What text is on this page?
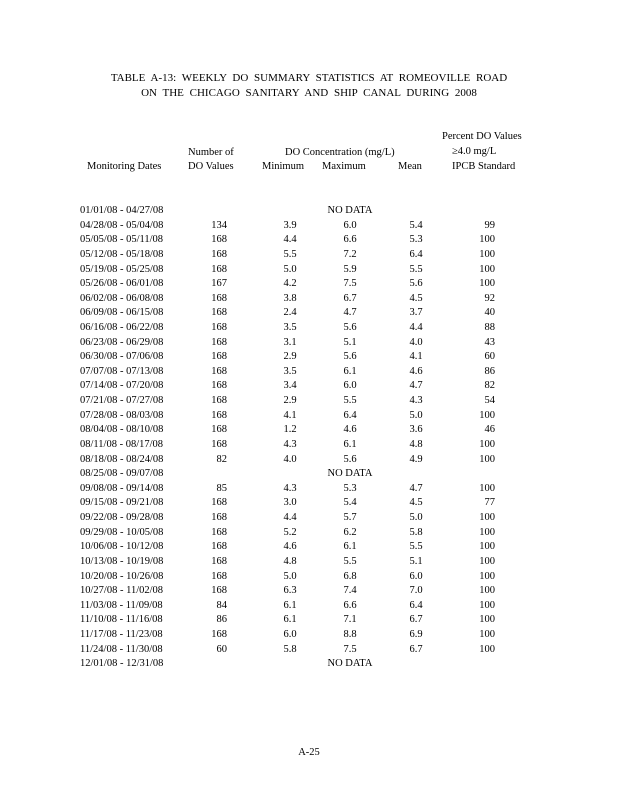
TABLE A-13: WEEKLY DO SUMMARY STATISTICS AT ROMEOVILLE ROAD
ON THE CHICAGO SANITARY AND SHIP CANAL DURING 2008
Percent DO Values
≥4.0 mg/L
Number of	DO Concentration (mg/L)
Monitoring Dates	DO Values	Minimum Maximum	Mean	IPCB Standard
01/01/08 - 04/27/08	NO DATA
04/28/08 - 05/04/08	134	3.9	6.0	5.4	99
05/05/08 - 05/11/08	168	4.4	6.6	5.3	100
05/12/08 - 05/18/08	168	5.5	7.2	6.4	100
05/19/08 - 05/25/08	168	5.0	5.9	5.5	100
05/26/08 - 06/01/08	167	4.2	7.5	5.6	100
06/02/08 - 06/08/08	168	3.8	6.7	4.5	92
06/09/08 - 06/15/08	168	2.4	4.7	3.7	40
06/16/08 - 06/22/08	168	3.5	5.6	4.4	88
06/23/08 - 06/29/08	168	3.1	5.1	4.0	43
06/30/08 - 07/06/08	168	2.9	5.6	4.1	60
07/07/08 - 07/13/08	168	3.5	6.1	4.6	86
07/14/08 - 07/20/08	168	3.4	6.0	4.7	82
07/21/08 - 07/27/08	168	2.9	5.5	4.3	54
07/28/08 - 08/03/08	168	4.1	6.4	5.0	100
08/04/08 - 08/10/08	168	1.2	4.6	3.6	46
08/11/08 - 08/17/08	168	4.3	6.1	4.8	100
08/18/08 - 08/24/08	82	4.0	5.6	4.9	100
08/25/08 - 09/07/08	NO DATA
09/08/08 - 09/14/08	85	4.3	5.3	4.7	100
09/15/08 - 09/21/08	168	3.0	5.4	4.5	77
09/22/08 - 09/28/08	168	4.4	5.7	5.0	100
09/29/08 - 10/05/08	168	5.2	6.2	5.8	100
10/06/08 - 10/12/08	168	4.6	6.1	5.5	100
10/13/08 - 10/19/08	168	4.8	5.5	5.1	100
10/20/08 - 10/26/08	168	5.0	6.8	6.0	100
10/27/08 - 11/02/08	168	6.3	7.4	7.0	100
11/03/08 - 11/09/08	84	6.1	6.6	6.4	100
11/10/08 - 11/16/08	86	6.1	7.1	6.7	100
11/17/08 - 11/23/08	168	6.0	8.8	6.9	100
11/24/08 - 11/30/08	60	5.8	7.5	6.7	100
12/01/08 - 12/31/08	NO DATA
A-25
